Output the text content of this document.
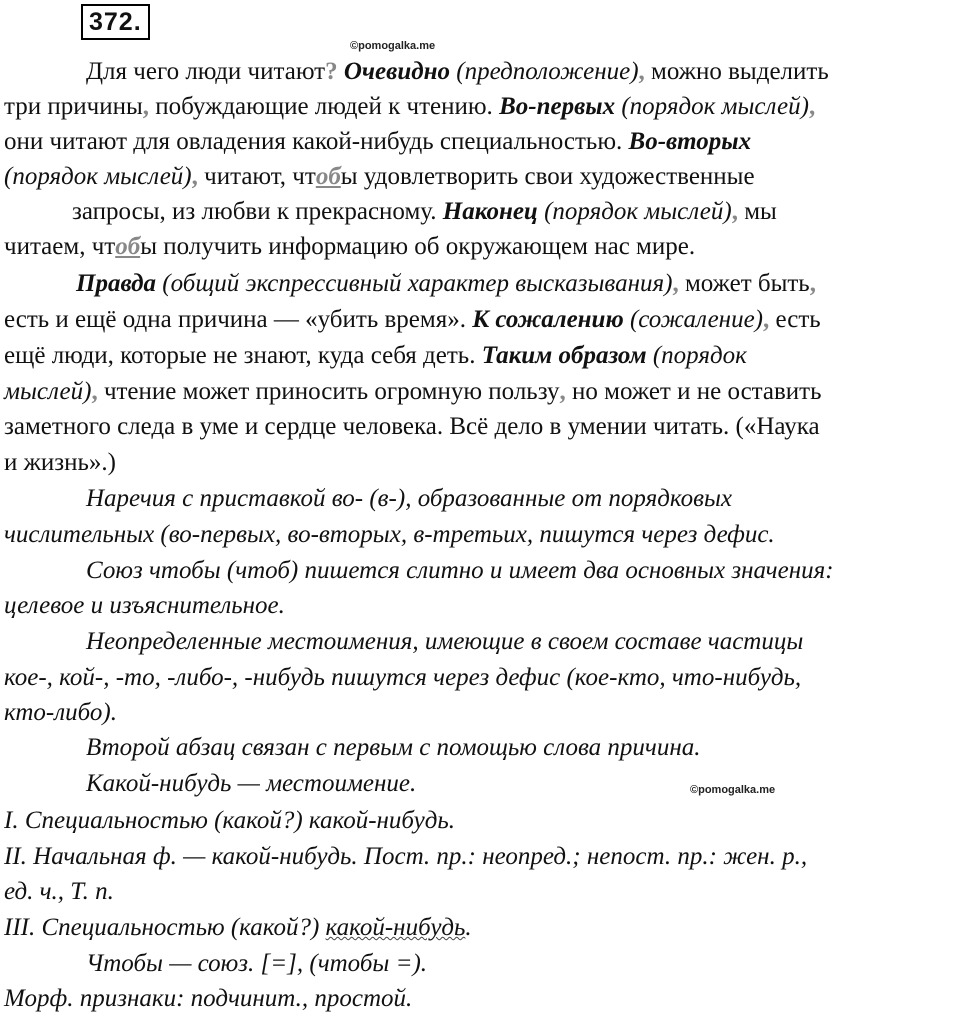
372.
©pomogalka.me
Для чего люди читают? Очевидно (предположение), можно выделить
три причины, побуждающие людей к чтению. Во-первых (порядок мыслей),
они читают для овладения какой-нибудь специальностью. Во-вторых
(порядок мыслей), читают, чтобы удовлетворить свои художественные
запросы, из любви к прекрасному. Наконец (порядок мыслей), мы
читаем, чтобы получить информацию об окружающем нас мире.
Правда (общий экспрессивный характер высказывания), может быть,
есть и ещё одна причина — «убить время». К сожалению (сожаление), есть
ещё люди, которые не знают, куда себя деть. Таким образом (порядок
мыслей), чтение может приносить огромную пользу, но может и не оставить
заметного следа в уме и сердце человека. Всё дело в умении читать. («Наука
и жизнь».)
Наречия с приставкой во- (в-), образованные от порядковых
числительных (во-первых, во-вторых, в-третьих, пишутся через дефис.
Союз чтобы (чтоб) пишется слитно и имеет два основных значения:
целевое и изъяснительное.
Неопределенные местоимения, имеющие в своем составе частицы
кое-, кой-, -то, -либо-, -нибудь пишутся через дефис (кое-кто, что-нибудь,
кто-либо).
Второй абзац связан с первым с помощью слова причина.
Какой-нибудь — местоимение.	©pomogalka.me
I. Специальностью (какой?) какой-нибудь.
II. Начальная ф. — какой-нибудь. Пост. пр.: неопред.; непост. пр.: жен. р.,
ед. ч., Т. п.
III. Специальностью (какой?) какой-нибудь.
Чтобы — союз. [=], (чтобы =).
Морф. признаки: подчинит., простой.
